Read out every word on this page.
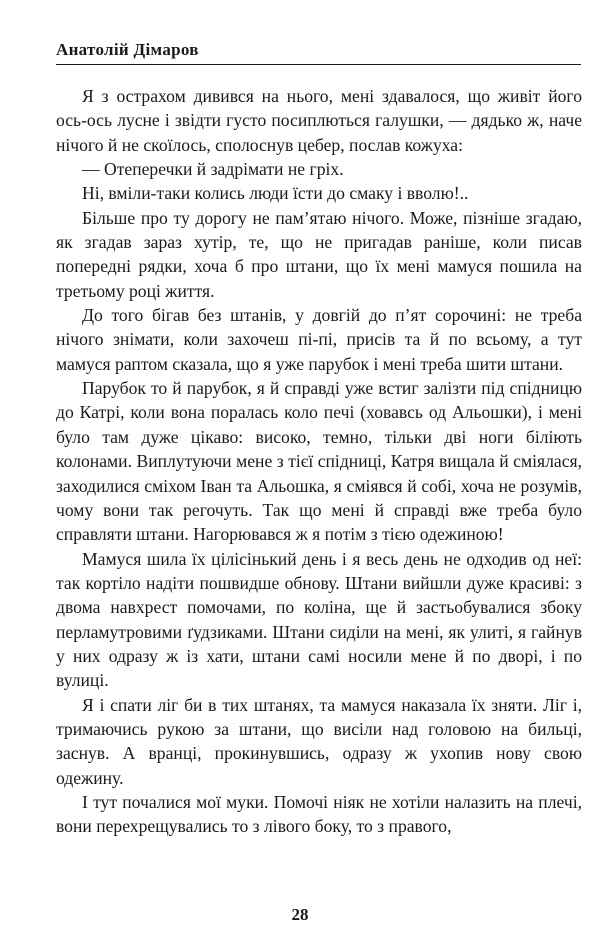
Анатолій Дімаров

Я з острахом дивився на нього, мені здавалося, що живіт його ось-ось лусне і звідти густо посиплються галушки, — дядько ж, наче нічого й не скоїлось, сполоснув цебер, послав кожуха:

— Отеперечки й задрімати не гріх.

Ні, вміли-таки колись люди їсти до смаку і вволю!..

Більше про ту дорогу не пам’ятаю нічого. Може, пізніше згадаю, як згадав зараз хутір, те, що не пригадав раніше, коли писав попередні рядки, хоча б про штани, що їх мені мамуся пошила на третьому році життя.

До того бігав без штанів, у довгій до п’ят сорочині: не треба нічого знімати, коли захочеш пі-пі, присів та й по всьому, а тут мамуся раптом сказала, що я уже парубок і мені треба шити штани.

Парубок то й парубок, я й справді уже встиг залізти під спідницю до Катрі, коли вона поралась коло печі (ховавсь од Альошки), і мені було там дуже цікаво: високо, темно, тільки дві ноги біліють колонами. Виплутуючи мене з тієї спідниці, Катря вищала й сміялася, заходилися сміхом Іван та Альошка, я сміявся й собі, хоча не розумів, чому вони так регочуть. Так що мені й справді вже треба було справляти штани. Нагорювався ж я потім з тією одежиною!

Мамуся шила їх цілісінький день і я весь день не одходив од неї: так кортіло надіти пошвидше обнову. Штани вийшли дуже красиві: з двома навхрест помочами, по коліна, ще й застьобувалися збоку перламутровими ґудзиками. Штани сиділи на мені, як улиті, я гайнув у них одразу ж із хати, штани самі носили мене й по дворі, і по вулиці.

Я і спати ліг би в тих штанях, та мамуся наказала їх зняти. Ліг і, тримаючись рукою за штани, що висіли над головою на бильці, заснув. А вранці, прокинувшись, одразу ж ухопив нову свою одежину.

І тут почалися мої муки. Помочі ніяк не хотіли налазить на плечі, вони перехрещувались то з лівого боку, то з правого,

28
